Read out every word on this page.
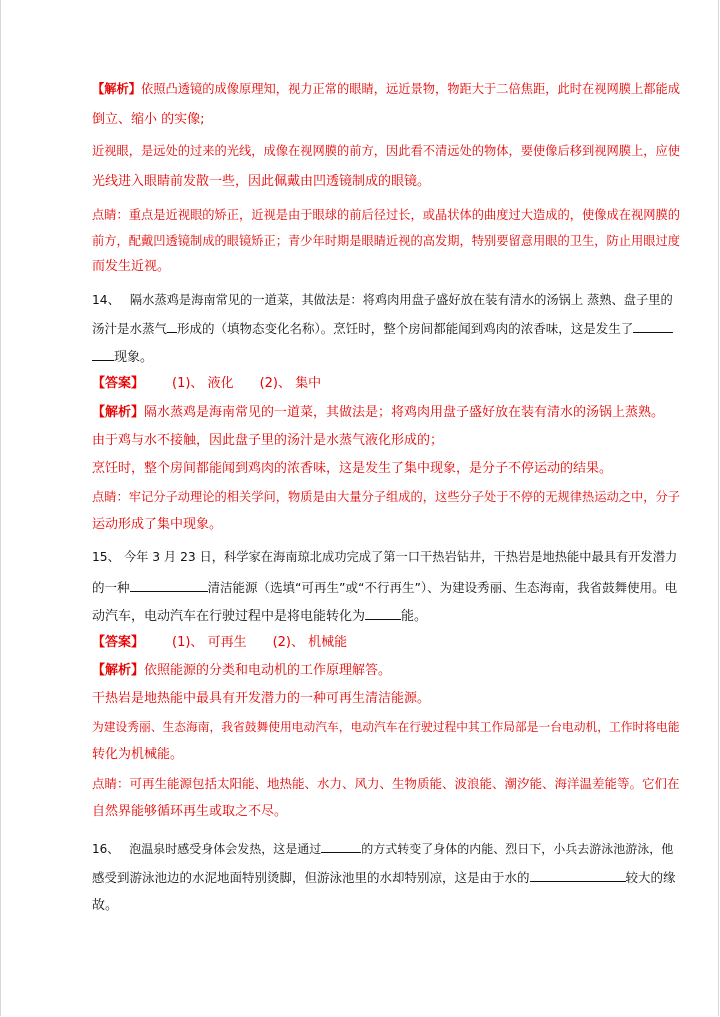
【解析】依照凸透镜的成像原理知，视力正常的眼睛，远近景物，物距大于二倍焦距，此时在视网膜上都能成
倒立、缩小 的实像;
近视眼，是远处的过来的光线，成像在视网膜的前方，因此看不清远处的物体，要使像后移到视网膜上，应使
光线进入眼睛前发散一些，因此佩戴由凹透镜制成的眼镜。
点睛：重点是近视眼的矫正，近视是由于眼球的前后径过长，或晶状体的曲度过大造成的，使像成在视网膜的
前方，配戴凹透镜制成的眼镜矫正；青少年时期是眼睛近视的高发期，特别要留意用眼的卫生，防止用眼过度
而发生近视。
14、 隔水蒸鸡是海南常见的一道菜，其做法是：将鸡肉用盘子盛好放在装有清水的汤锅上 蒸熟、盘子里的
汤汁是水蒸气 形成的（填物态变化名称）。烹饪时，整个房间都能闻到鸡肉的浓香味，这是发生了
现象。
【答案】 (1)、 液化 (2)、 集中
【解析】隔水蒸鸡是海南常见的一道菜，其做法是；将鸡肉用盘子盛好放在装有清水的汤锅上蒸熟。
由于鸡与水不接触，因此盘子里的汤汁是水蒸气液化形成的；
烹饪时，整个房间都能闻到鸡肉的浓香味，这是发生了集中现象，是分子不停运动的结果。
点睛：牢记分子动理论的相关学问，物质是由大量分子组成的，这些分子处于不停的无规律热运动之中，分子
运动形成了集中现象。
15、 今年 3 月 23 日，科学家在海南琼北成功完成了第一口干热岩钻井，干热岩是地热能中最具有开发潜力
的一种	清洁能源（选填“可再生”或“不行再生”）、为建设秀丽、生态海南，我省鼓舞使用。电
动汽车，电动汽车在行驶过程中是将电能转化为	能。
【答案】 (1)、 可再生 (2)、 机械能
【解析】依照能源的分类和电动机的工作原理解答。
干热岩是地热能中最具有开发潜力的一种可再生清洁能源。
为建设秀丽、生态海南，我省鼓舞使用电动汽车，电动汽车在行驶过程中其工作局部是一台电动机，工作时将电能
转化为机械能。
点睛：可再生能源包括太阳能、地热能、水力、风力、生物质能、波浪能、潮汐能、海洋温差能等。它们在
自然界能够循环再生或取之不尽。
16、 泡温泉时感受身体会发热，这是通过	的方式转变了身体的内能、烈日下，小兵去游泳池游泳，他
感受到游泳池边的水泥地面特别烫脚，但游泳池里的水却特别凉，这是由于水的	较大的缘
故。
